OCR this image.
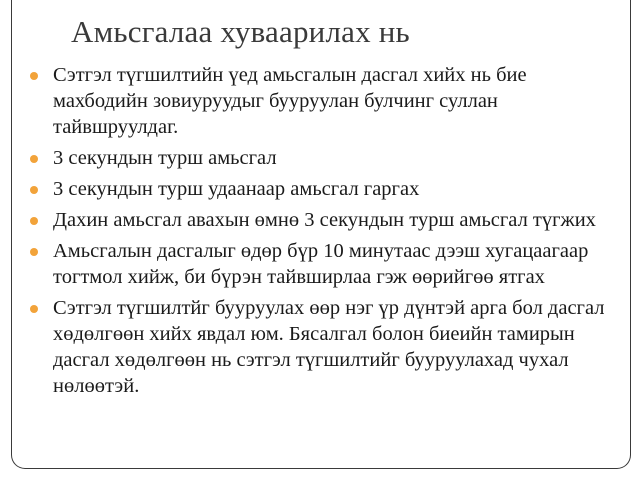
Амьсгалаа хуваарилах нь
Сэтгэл түгшилтийн үед амьсгалын дасгал хийх нь бие махбодийн зовиуруудыг бууруулан булчинг суллан тайвшруулдаг.
3 секундын турш амьсгал
3 секундын турш удаанаар амьсгал гаргах
Дахин амьсгал авахын өмнө 3 секундын турш амьсгал түгжих
Амьсгалын дасгалыг өдөр бүр 10 минутаас дээш хугацаагаар тогтмол хийж, би бүрэн тайвширлаа гэж өөрийгөө ятгах
Сэтгэл түгшилтйг бууруулах өөр нэг үр дүнтэй арга бол дасгал хөдөлгөөн хийх явдал юм. Бясалгал болон биеийн тамирын дасгал хөдөлгөөн нь сэтгэл түгшилтийг бууруулахад чухал нөлөөтэй.
